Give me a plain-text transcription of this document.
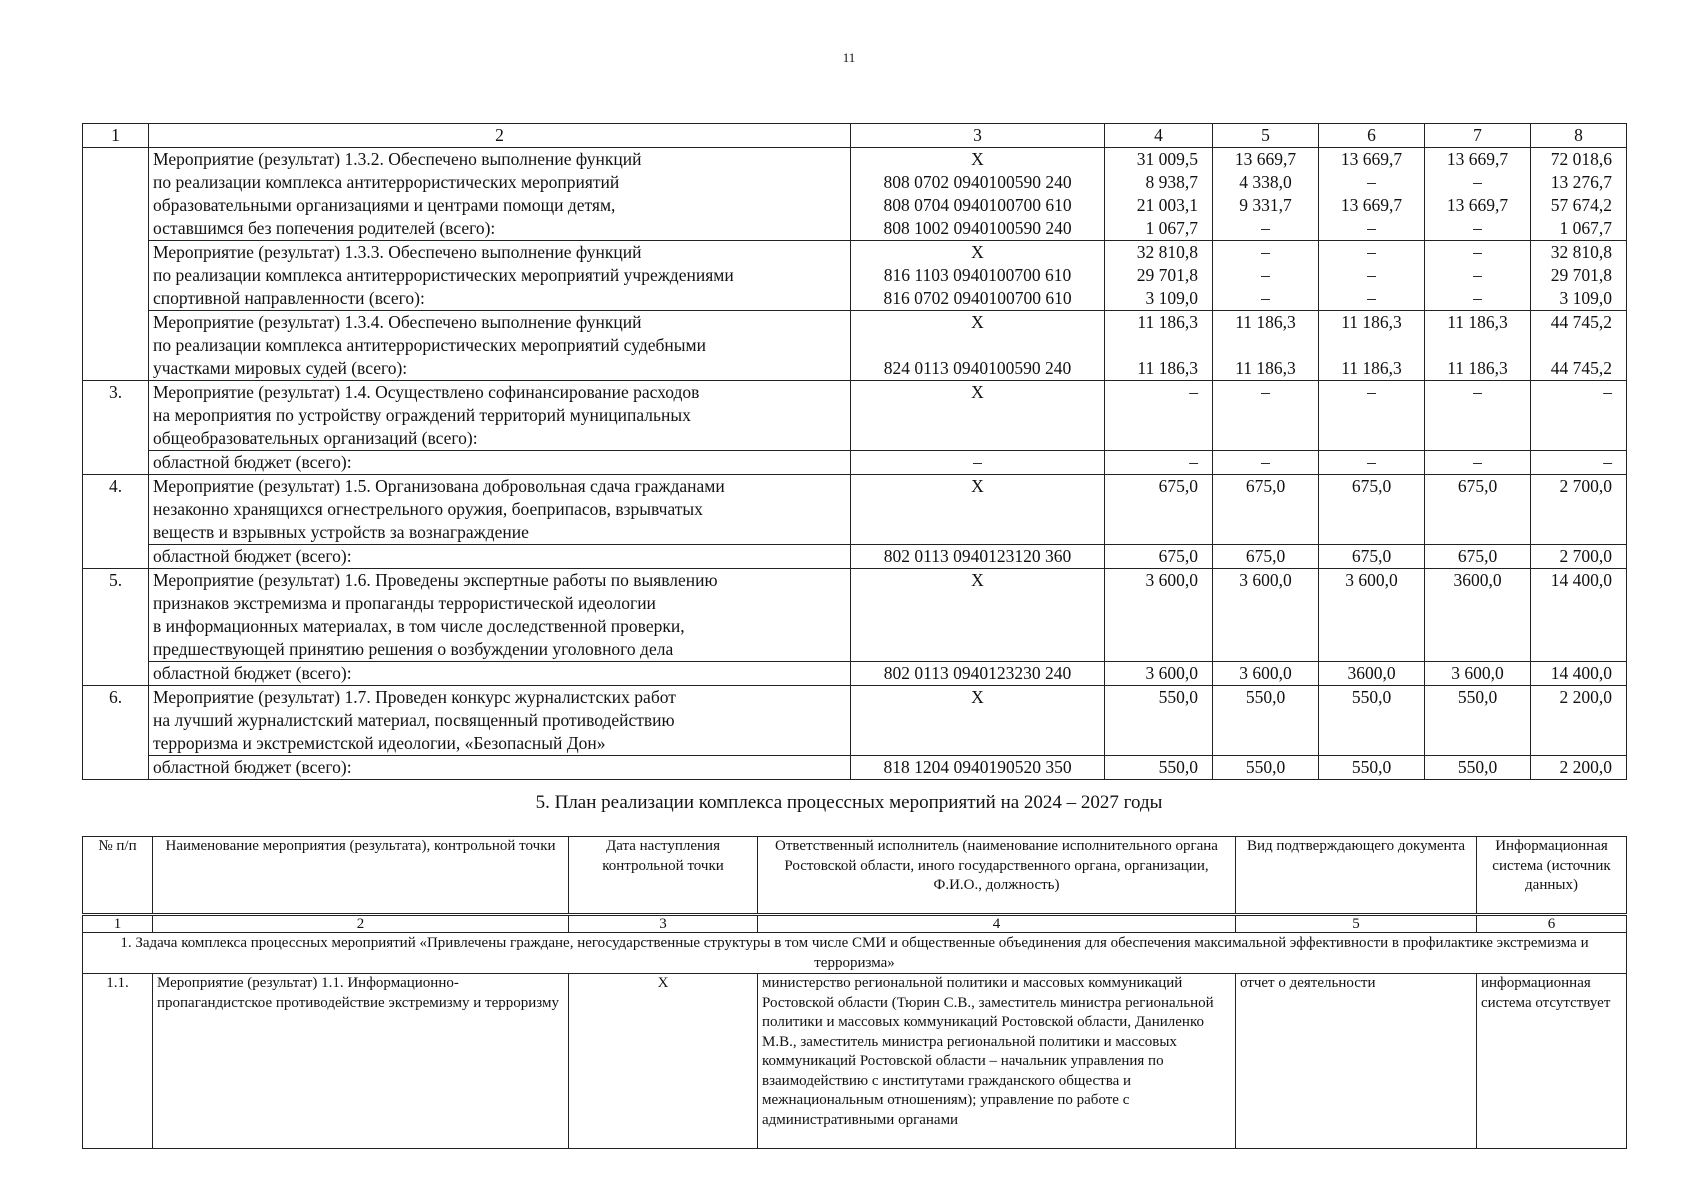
11
1	2	3	4	5	6	7	8
	Мероприятие (результат) 1.3.2. Обеспечено выполнение функций	Х	31 009,5	13 669,7	13 669,7	13 669,7	72 018,6
	по реализации комплекса антитеррористических мероприятий	808 0702 0940100590 240	8 938,7	4 338,0	–	–	13 276,7
	образовательными организациями и центрами помощи детям,	808 0704 0940100700 610	21 003,1	9 331,7	13 669,7	13 669,7	57 674,2
	оставшимся без попечения родителей (всего):	808 1002 0940100590 240	1 067,7	–	–	–	1 067,7
	Мероприятие (результат) 1.3.3. Обеспечено выполнение функций	Х	32 810,8	–	–	–	32 810,8
	по реализации комплекса антитеррористических мероприятий учреждениями	816 1103 0940100700 610	29 701,8	–	–	–	29 701,8
	спортивной направленности (всего):	816 0702 0940100700 610	3 109,0	–	–	–	3 109,0
	Мероприятие (результат) 1.3.4. Обеспечено выполнение функций	Х	11 186,3	11 186,3	11 186,3	11 186,3	44 745,2
	по реализации комплекса антитеррористических мероприятий судебными						
	участками мировых судей (всего):	824 0113 0940100590 240	11 186,3	11 186,3	11 186,3	11 186,3	44 745,2
3.	Мероприятие (результат) 1.4. Осуществлено софинансирование расходов	Х	–	–	–	–	–
	на мероприятия по устройству ограждений территорий муниципальных						
	общеобразовательных организаций (всего):						
	областной бюджет (всего):	–	–	–	–	–	–
4.	Мероприятие (результат) 1.5. Организована добровольная сдача гражданами	Х	675,0	675,0	675,0	675,0	2 700,0
	незаконно хранящихся огнестрельного оружия, боеприпасов, взрывчатых						
	веществ и взрывных устройств за вознаграждение						
	областной бюджет (всего):	802 0113 0940123120 360	675,0	675,0	675,0	675,0	2 700,0
5.	Мероприятие (результат) 1.6. Проведены экспертные работы по выявлению	Х	3 600,0	3 600,0	3 600,0	3600,0	14 400,0
	признаков экстремизма и пропаганды террористической идеологии						
	в информационных материалах, в том числе доследственной проверки,						
	предшествующей принятию решения о возбуждении уголовного дела						
	областной бюджет (всего):	802 0113 0940123230 240	3 600,0	3 600,0	3600,0	3 600,0	14 400,0
6.	Мероприятие (результат) 1.7. Проведен конкурс журналистских работ	Х	550,0	550,0	550,0	550,0	2 200,0
	на лучший журналистский материал, посвященный противодействию						
	терроризма и экстремистской идеологии, «Безопасный Дон»						
	областной бюджет (всего):	818 1204 0940190520 350	550,0	550,0	550,0	550,0	2 200,0
5. План реализации комплекса процессных мероприятий на 2024 – 2027 годы
№ п/п	Наименование мероприятия (результата), контрольной точки	Дата наступления контрольной точки	Ответственный исполнитель (наименование исполнительного органа Ростовской области, иного государственного органа, организации, Ф.И.О., должность)	Вид подтверждающего документа	Информационная система (источник данных)
1	2	3	4	5	6
1. Задача комплекса процессных мероприятий «Привлечены граждане, негосударственные структуры в том числе СМИ и общественные объединения для обеспечения максимальной эффективности в профилактике экстремизма и терроризма»					
1.1.	Мероприятие (результат) 1.1. Информационно-пропагандистское противодействие экстремизму и терроризму	Х	министерство региональной политики и массовых коммуникаций Ростовской области (Тюрин С.В., заместитель министра региональной политики и массовых коммуникаций Ростовской области, Даниленко М.В., заместитель министра региональной политики и массовых коммуникаций Ростовской области – начальник управления по взаимодействию с институтами гражданского общества и межнациональным отношениям); управление по работе с административными органами	отчет о деятельности	информационная система отсутствует
